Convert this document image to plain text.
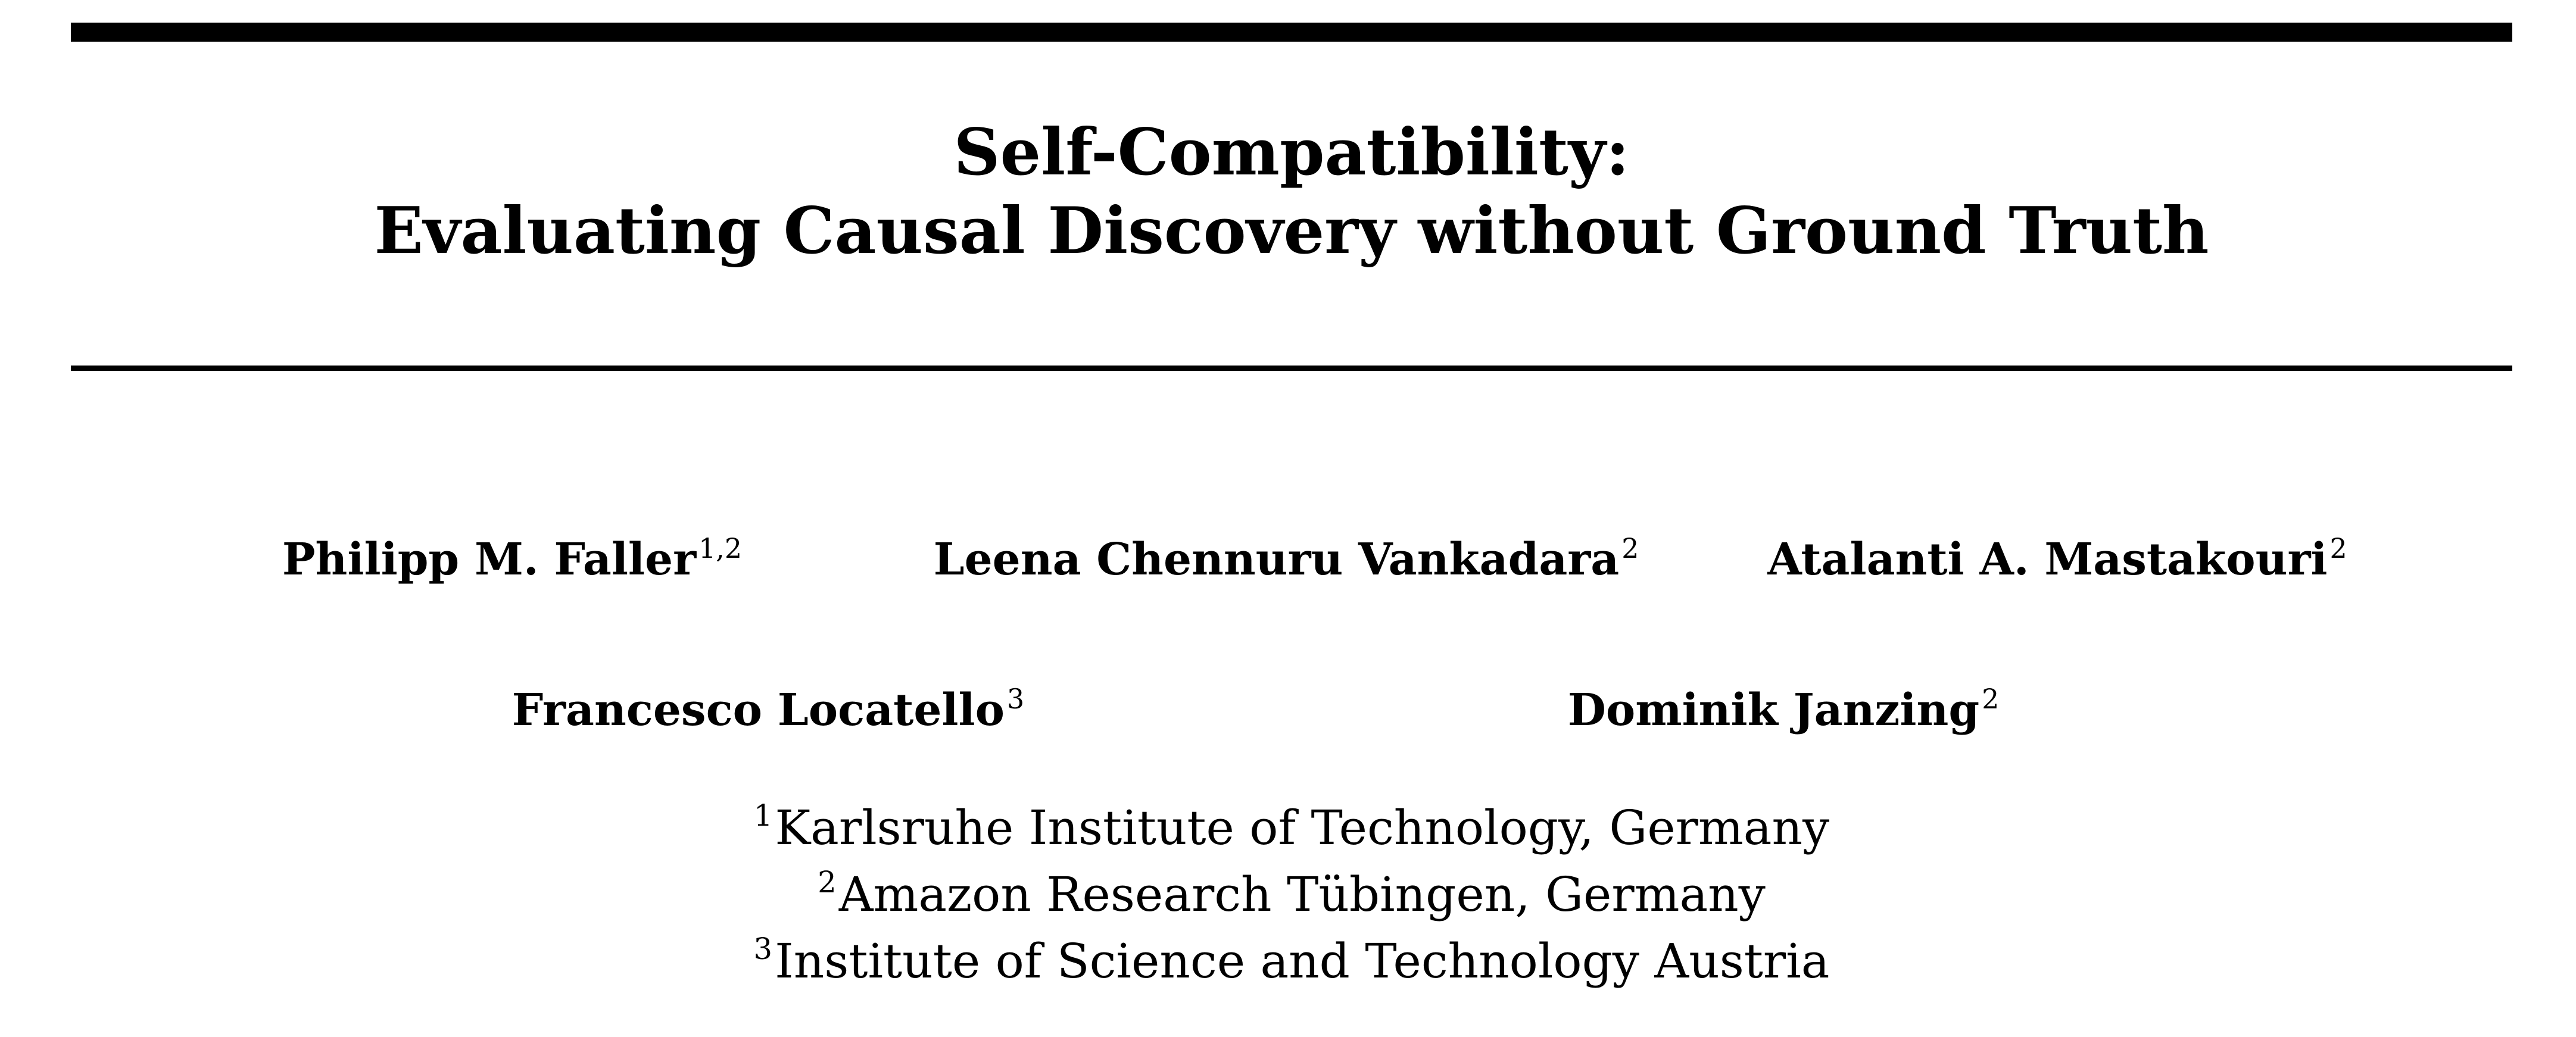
Self-Compatibility:
Evaluating Causal Discovery without Ground Truth
Philipp M. Faller$^{1,2}$	Leena Chennuru Vankadara$^2$	Atalanti A. Mastakouri$^2$
Francesco Locatello$^3$	Dominik Janzing$^2$
$^1$Karlsruhe Institute of Technology, Germany
$^2$Amazon Research Tübingen, Germany
$^3$Institute of Science and Technology Austria
